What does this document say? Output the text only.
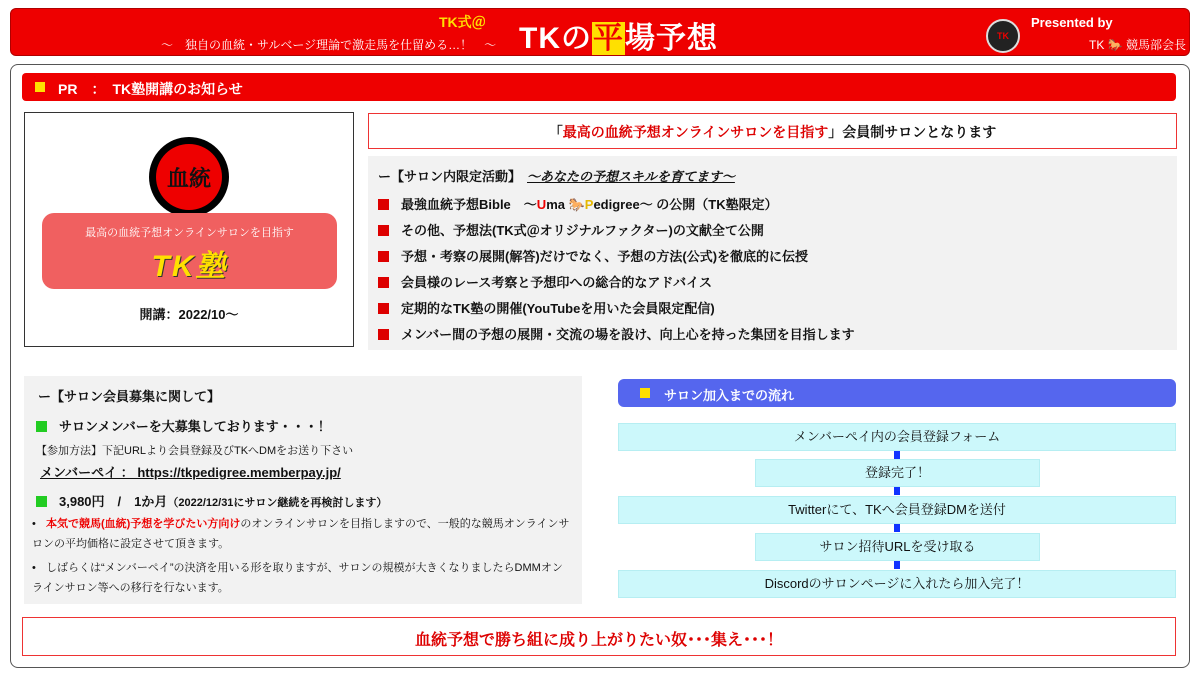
TK式＠
～　独自の血統・サルベージ理論で激走馬を仕留める…！　～ TKの平場予想	TK
Presented by
TK 🐎 競馬部会長
PR　：　TK塾開講のお知らせ
血統
最高の血統予想オンラインサロンを目指す
TK塾
開講：2022/10～
「最高の血統予想オンラインサロンを目指す」会員制サロンとなります
ー【サロン内限定活動】 ～あなたの予想スキルを育てます～
最強血統予想Bible　～Uma 🐎Pedigree～ の公開（TK塾限定）
その他、予想法(TK式＠オリジナルファクター)の文献全て公開
予想・考察の展開(解答)だけでなく、予想の方法(公式)を徹底的に伝授
会員様のレース考察と予想印への総合的なアドバイス
定期的なTK塾の開催(YouTubeを用いた会員限定配信)
メンバー間の予想の展開・交流の場を設け、向上心を持った集団を目指します
ー【サロン会員募集に関して】
サロンメンバーを大募集しております・・・！
【参加方法】下記URLより会員登録及びTKへDMをお送り下さい
メンバーペイ ： https://tkpedigree.memberpay.jp/
3,980円　/　1か月（2022/12/31にサロン継続を再検討します）
• 本気で競馬(血統)予想を学びたい方向けのオンラインサロンを目指しますので、一般的な競馬オンラインサロンの平均価格に設定させて頂きます。
• しばらくは“メンバーペイ”の決済を用いる形を取りますが、サロンの規模が大きくなりましたらDMMオンラインサロン等への移行を行ないます。
サロン加入までの流れ
メンバーペイ内の会員登録フォーム
登録完了！
Twitterにて、TKへ会員登録DMを送付
サロン招待URLを受け取る
Discordのサロンページに入れたら加入完了！
血統予想で勝ち組に成り上がりたい奴･･･集え･･･！
